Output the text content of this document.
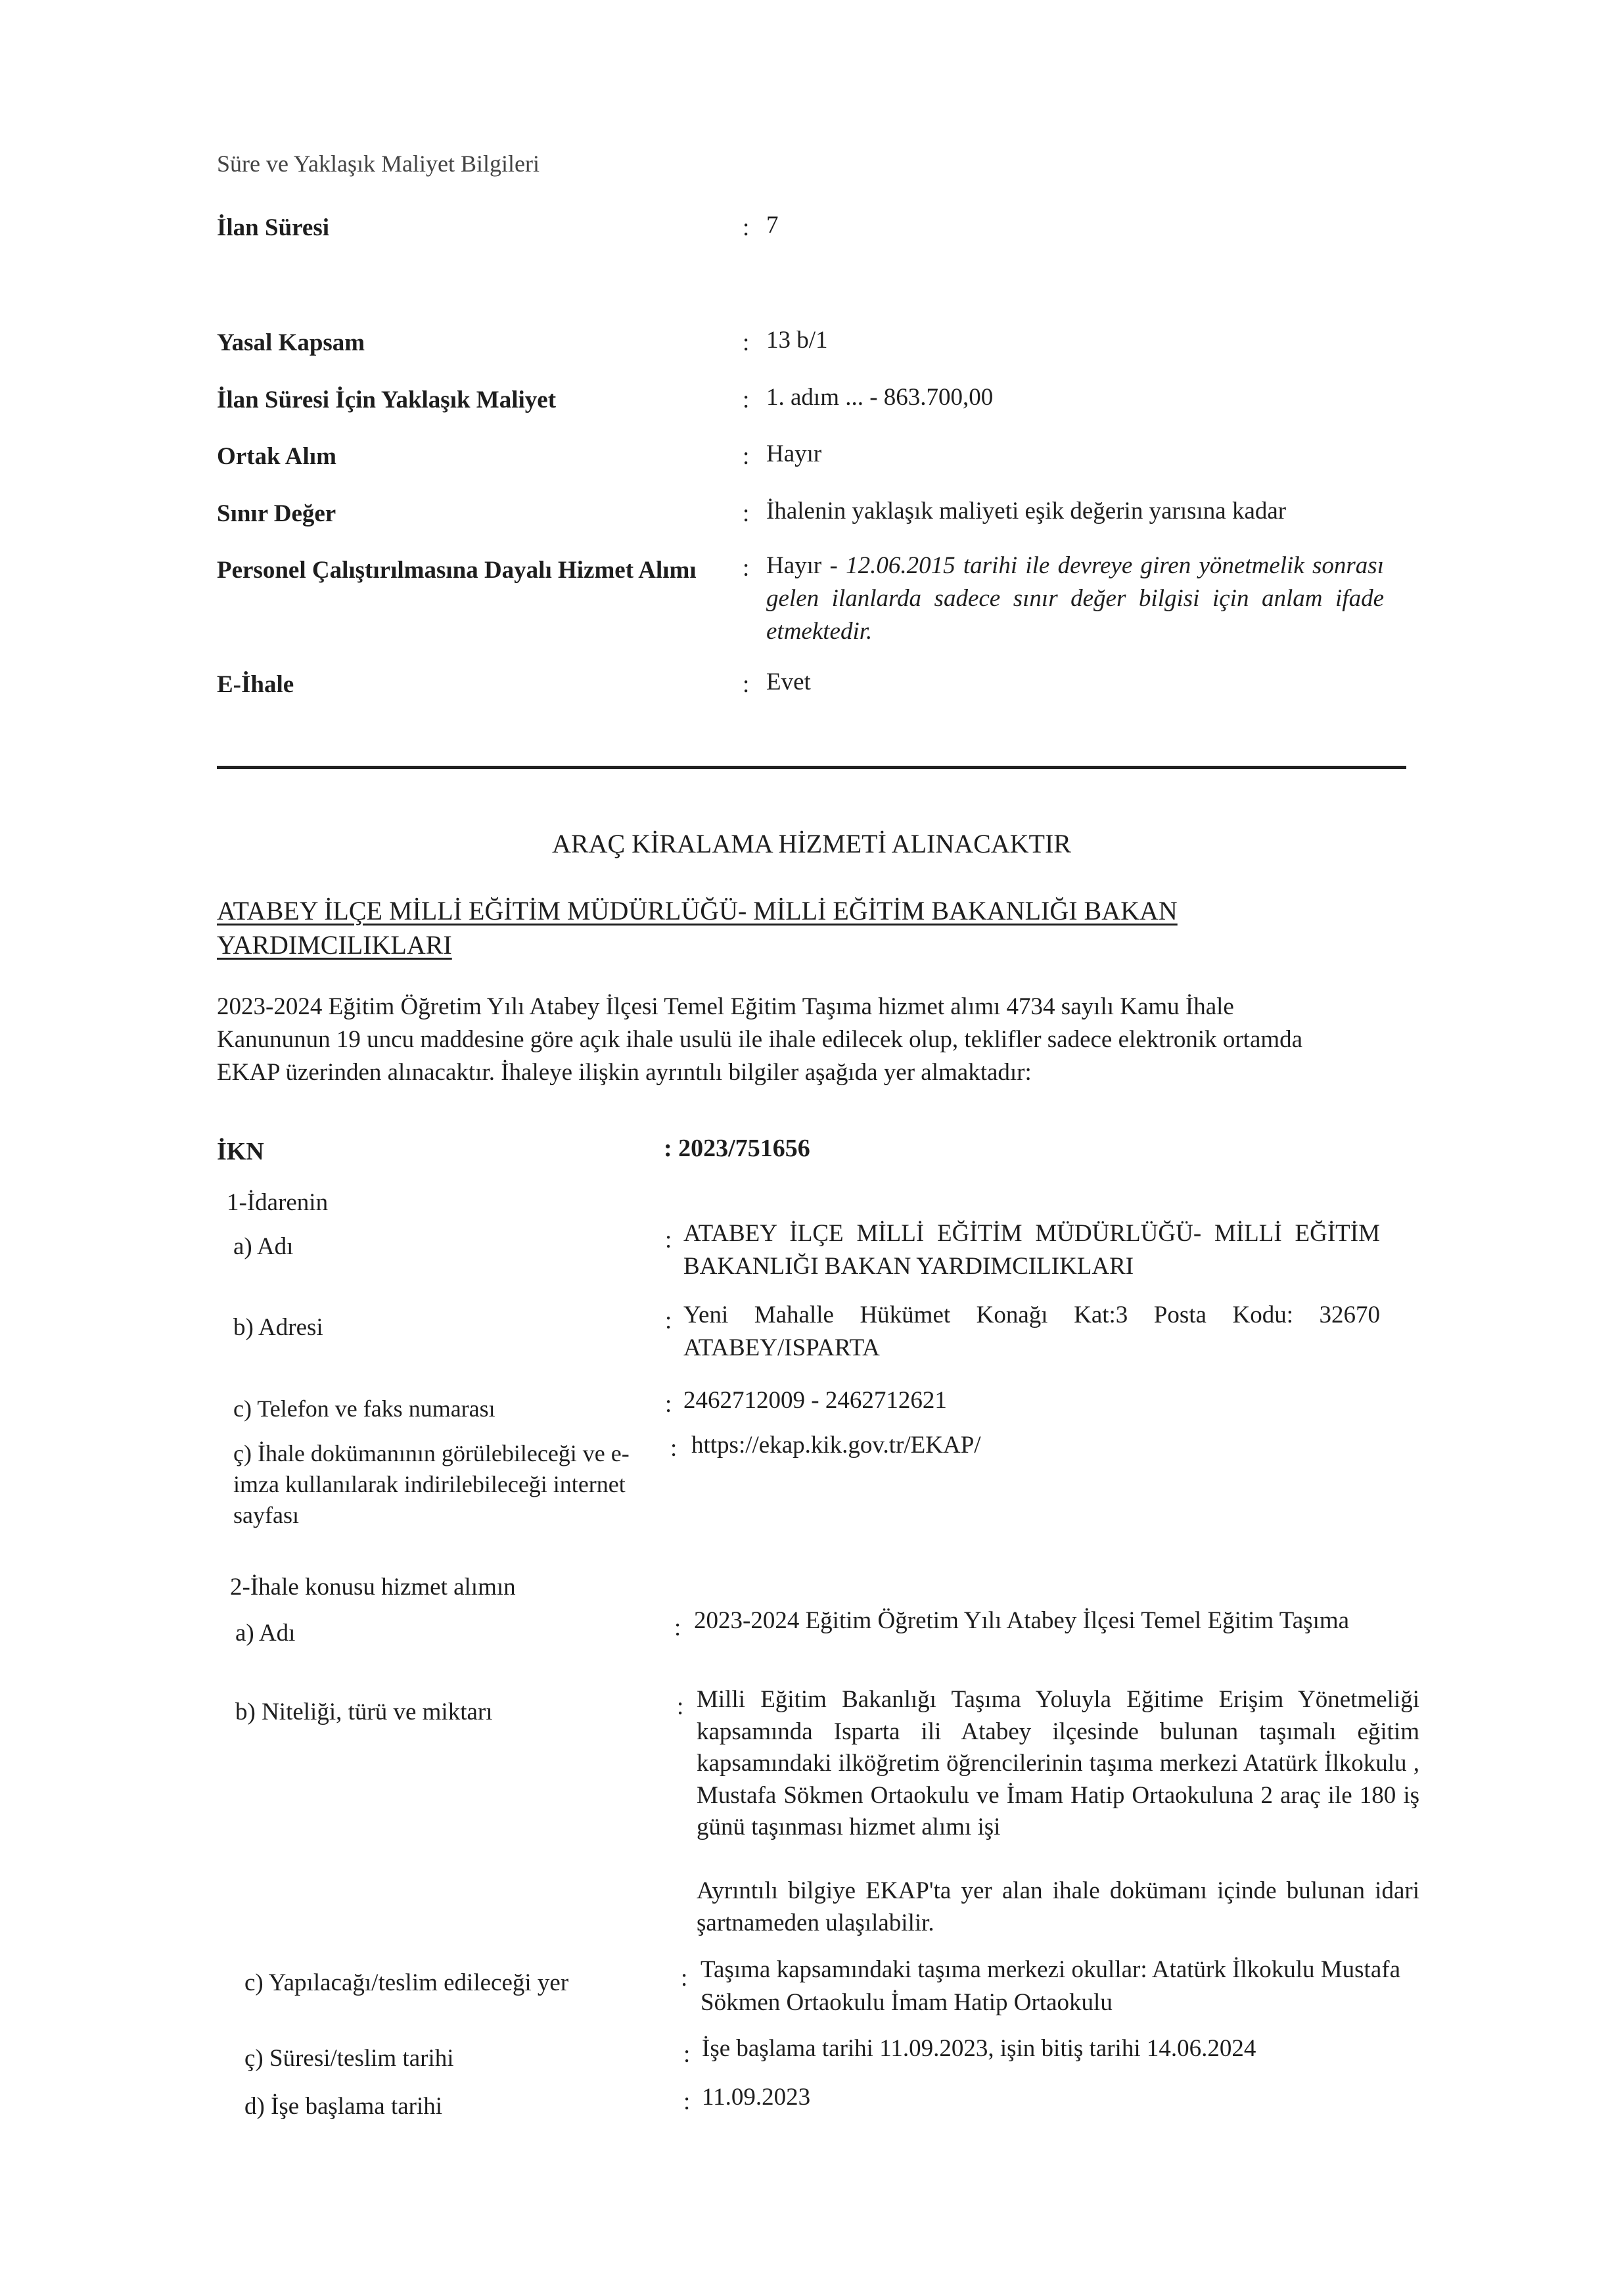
Süre ve Yaklaşık Maliyet Bilgileri
İlan Süresi	: 7
Yasal Kapsam	: 13 b/1
İlan Süresi İçin Yaklaşık Maliyet	: 1. adım ... - 863.700,00
Ortak Alım	: Hayır
Sınır Değer	: İhalenin yaklaşık maliyeti eşik değerin yarısına kadar
Personel Çalıştırılmasına Dayalı Hizmet Alımı : Hayır - 12.06.2015 tarihi ile devreye giren yönetmelik sonrası gelen ilanlarda sadece sınır değer bilgisi için anlam ifade etmektedir.
E-İhale	: Evet
ARAÇ KİRALAMA HİZMETİ ALINACAKTIR
ATABEY İLÇE MİLLİ EĞİTİM MÜDÜRLÜĞÜ- MİLLİ EĞİTİM BAKANLIĞI BAKAN YARDIMCILIKLARI
2023-2024 Eğitim Öğretim Yılı Atabey İlçesi Temel Eğitim Taşıma hizmet alımı 4734 sayılı Kamu İhale
Kanununun 19 uncu maddesine göre açık ihale usulü ile ihale edilecek olup, teklifler sadece elektronik ortamda
EKAP üzerinden alınacaktır. İhaleye ilişkin ayrıntılı bilgiler aşağıda yer almaktadır:
İKN	: 2023/751656
1-İdarenin
a) Adı	: ATABEY İLÇE MİLLİ EĞİTİM MÜDÜRLÜĞÜ- MİLLİ EĞİTİM BAKANLIĞI BAKAN YARDIMCILIKLARI
b) Adresi	: Yeni Mahalle Hükümet Konağı Kat:3 Posta Kodu: 32670 ATABEY/ISPARTA
c) Telefon ve faks numarası	: 2462712009 - 2462712621
ç) İhale dokümanının görülebileceği ve e-imza kullanılarak indirilebileceği internet sayfası
: https://ekap.kik.gov.tr/EKAP/
2-İhale konusu hizmet alımın
a) Adı	: 2023-2024 Eğitim Öğretim Yılı Atabey İlçesi Temel Eğitim Taşıma
b) Niteliği, türü ve miktarı	: Milli Eğitim Bakanlığı Taşıma Yoluyla Eğitime Erişim Yönetmeliği kapsamında Isparta ili Atabey ilçesinde bulunan taşımalı eğitim kapsamındaki ilköğretim öğrencilerinin taşıma merkezi Atatürk İlkokulu , Mustafa Sökmen Ortaokulu ve İmam Hatip Ortaokuluna 2 araç ile 180 iş günü taşınması hizmet alımı işi
Ayrıntılı bilgiye EKAP'ta yer alan ihale dokümanı içinde bulunan idari şartnameden ulaşılabilir.
c) Yapılacağı/teslim edileceği yer	: Taşıma kapsamındaki taşıma merkezi okullar: Atatürk İlkokulu Mustafa Sökmen Ortaokulu İmam Hatip Ortaokulu
ç) Süresi/teslim tarihi	: İşe başlama tarihi 11.09.2023, işin bitiş tarihi 14.06.2024
d) İşe başlama tarihi	: 11.09.2023
